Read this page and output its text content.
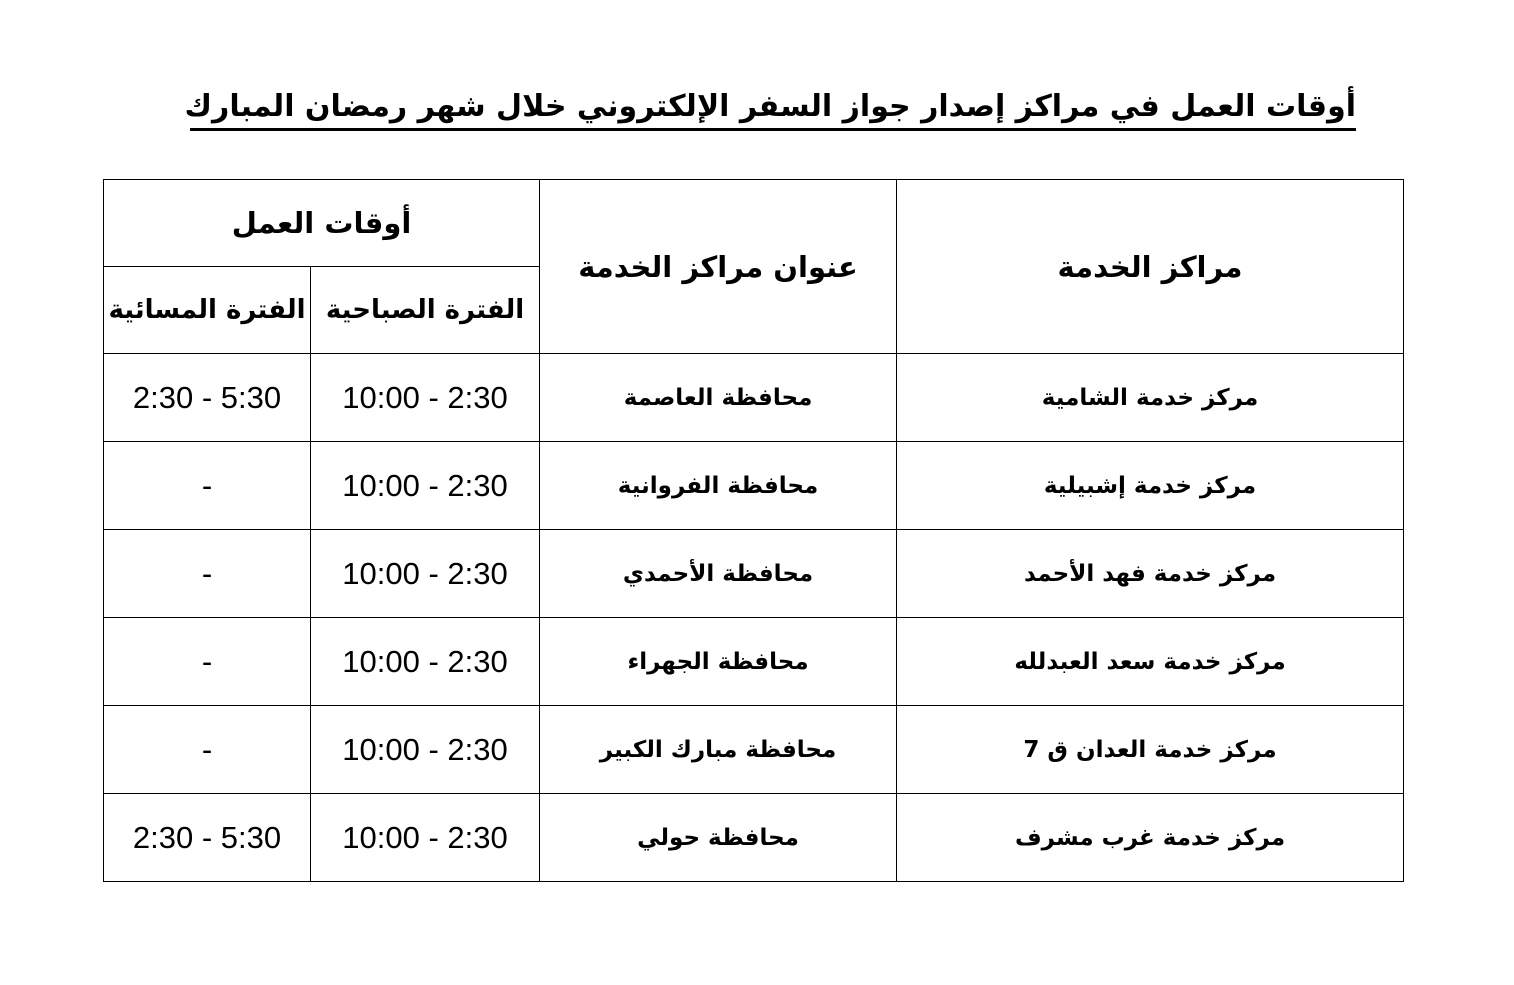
أوقات العمل في مراكز إصدار جواز السفر الإلكتروني خلال شهر رمضان المبارك
مراكز الخدمة	عنوان مراكز الخدمة	أوقات العمل	
		الفترة الصباحية	الفترة المسائية
مركز خدمة الشامية	محافظة العاصمة	10:00 - 2:30	2:30 - 5:30
مركز خدمة إشبيلية	محافظة الفروانية	10:00 - 2:30	-
مركز خدمة فهد الأحمد	محافظة الأحمدي	10:00 - 2:30	-
مركز خدمة سعد العبدلله	محافظة الجهراء	10:00 - 2:30	-
مركز خدمة العدان ق 7	محافظة مبارك الكبير	10:00 - 2:30	-
مركز خدمة غرب مشرف	محافظة حولي	10:00 - 2:30	2:30 - 5:30
